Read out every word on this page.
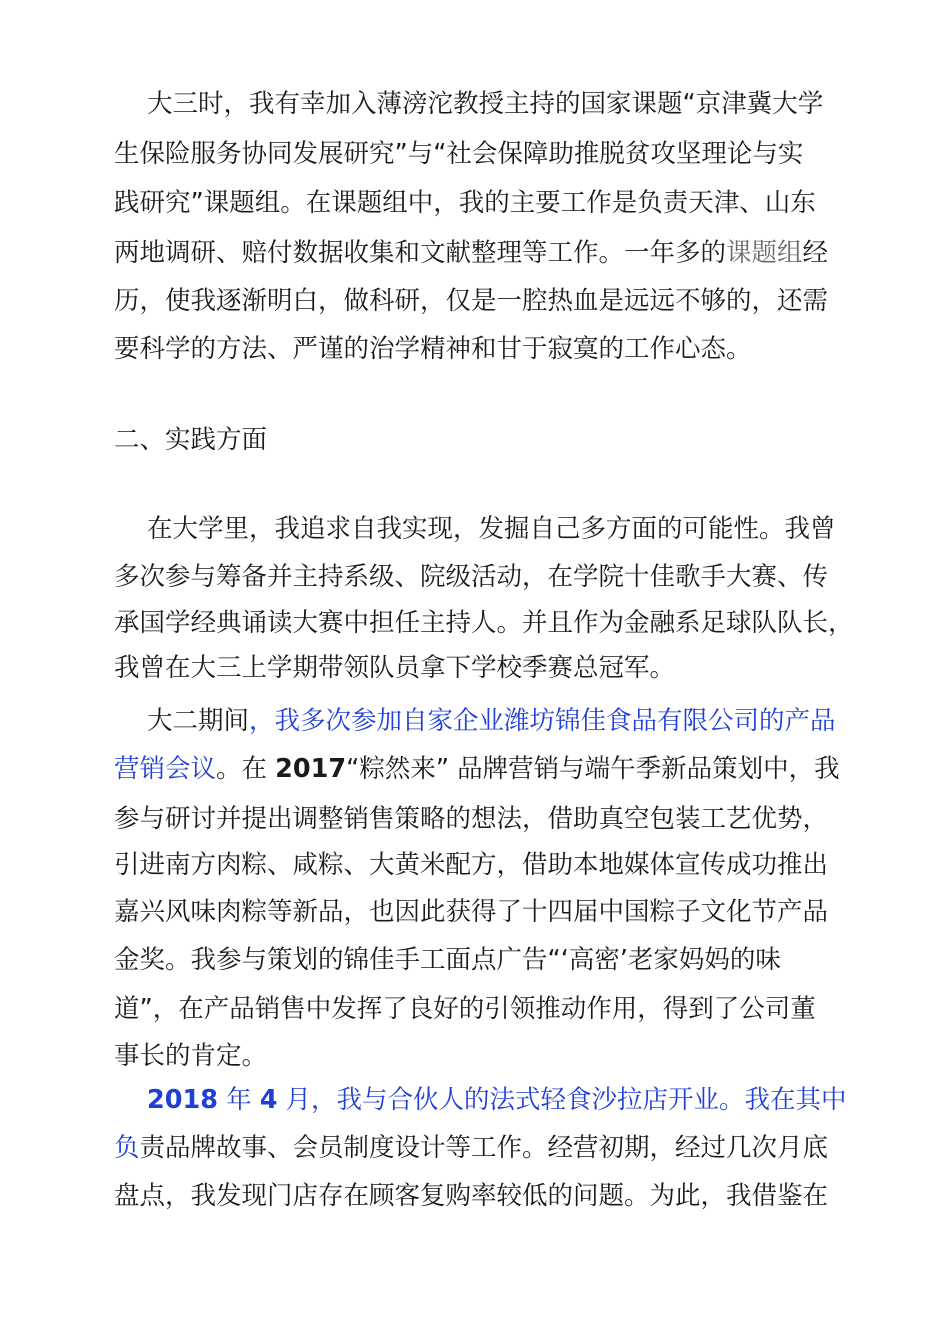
大三时，我有幸加入薄滂沱教授主持的国家课题“京津冀大学
生保险服务协同发展研究”与“社会保障助推脱贫攻坚理论与实
践研究”课题组。在课题组中，我的主要工作是负责天津、山东
两地调研、赔付数据收集和文献整理等工作。一年多的课题组经
历，使我逐渐明白，做科研，仅是一腔热血是远远不够的，还需
要科学的方法、严谨的治学精神和甘于寂寞的工作心态。
二、实践方面
在大学里，我追求自我实现，发掘自己多方面的可能性。我曾
多次参与筹备并主持系级、院级活动，在学院十佳歌手大赛、传
承国学经典诵读大赛中担任主持人。并且作为金融系足球队队长，
我曾在大三上学期带领队员拿下学校季赛总冠军。
大二期间，我多次参加自家企业潍坊锦佳食品有限公司的产品
营销会议。在 2017“粽然来” 品牌营销与端午季新品策划中，我
参与研讨并提出调整销售策略的想法，借助真空包装工艺优势，
引进南方肉粽、咸粽、大黄米配方，借助本地媒体宣传成功推出
嘉兴风味肉粽等新品，也因此获得了十四届中国粽子文化节产品
金奖。我参与策划的锦佳手工面点广告“‘高密’老家妈妈的味
道”，在产品销售中发挥了良好的引领推动作用，得到了公司董
事长的肯定。
2018 年 4 月，我与合伙人的法式轻食沙拉店开业。我在其中
负责品牌故事、会员制度设计等工作。经营初期，经过几次月底
盘点，我发现门店存在顾客复购率较低的问题。为此，我借鉴在
